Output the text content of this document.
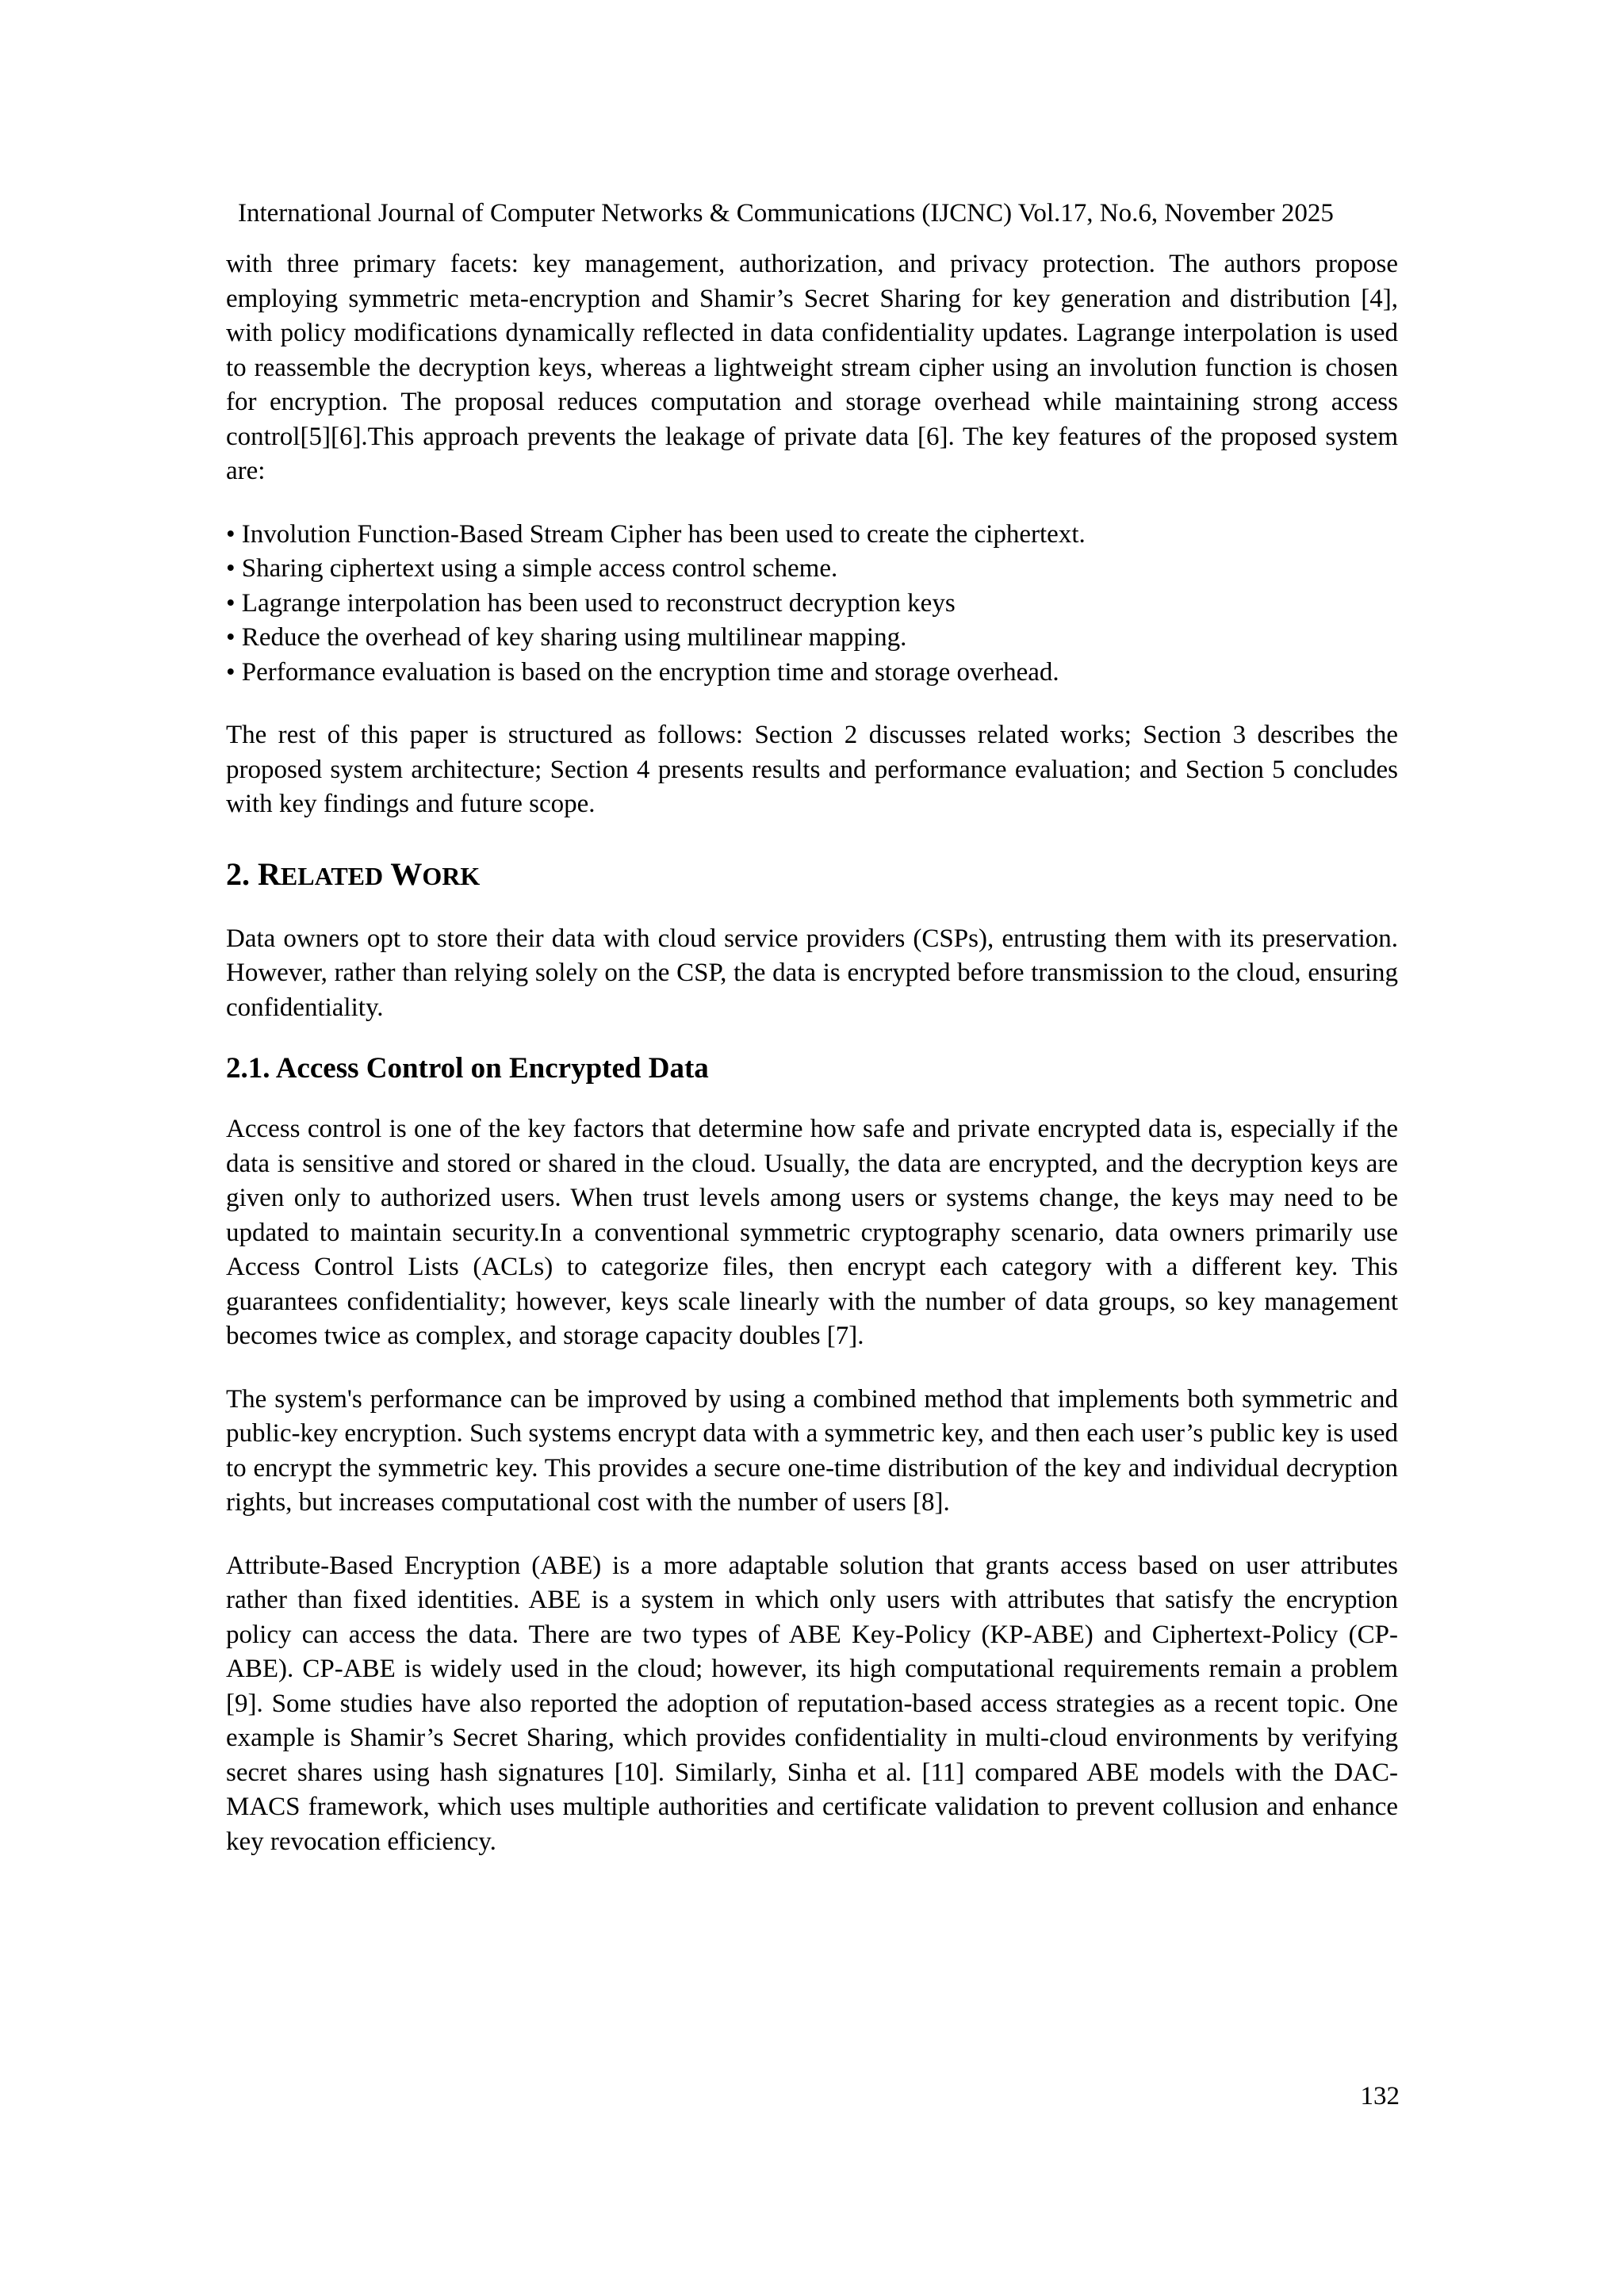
International Journal of Computer Networks & Communications (IJCNC) Vol.17, No.6, November 2025

with three primary facets: key management, authorization, and privacy protection. The authors propose employing symmetric meta-encryption and Shamir’s Secret Sharing for key generation and distribution [4], with policy modifications dynamically reflected in data confidentiality updates. Lagrange interpolation is used to reassemble the decryption keys, whereas a lightweight stream cipher using an involution function is chosen for encryption. The proposal reduces computation and storage overhead while maintaining strong access control[5][6].This approach prevents the leakage of private data [6]. The key features of the proposed system are:

• Involution Function-Based Stream Cipher has been used to create the ciphertext.
• Sharing ciphertext using a simple access control scheme.
• Lagrange interpolation has been used to reconstruct decryption keys
• Reduce the overhead of key sharing using multilinear mapping.
• Performance evaluation is based on the encryption time and storage overhead.

The rest of this paper is structured as follows: Section 2 discusses related works; Section 3 describes the proposed system architecture; Section 4 presents results and performance evaluation; and Section 5 concludes with key findings and future scope.

2. RELATED WORK

Data owners opt to store their data with cloud service providers (CSPs), entrusting them with its preservation. However, rather than relying solely on the CSP, the data is encrypted before transmission to the cloud, ensuring confidentiality.

2.1. Access Control on Encrypted Data

Access control is one of the key factors that determine how safe and private encrypted data is, especially if the data is sensitive and stored or shared in the cloud. Usually, the data are encrypted, and the decryption keys are given only to authorized users. When trust levels among users or systems change, the keys may need to be updated to maintain security.In a conventional symmetric cryptography scenario, data owners primarily use Access Control Lists (ACLs) to categorize files, then encrypt each category with a different key. This guarantees confidentiality; however, keys scale linearly with the number of data groups, so key management becomes twice as complex, and storage capacity doubles [7].

The system's performance can be improved by using a combined method that implements both symmetric and public-key encryption. Such systems encrypt data with a symmetric key, and then each user’s public key is used to encrypt the symmetric key. This provides a secure one-time distribution of the key and individual decryption rights, but increases computational cost with the number of users [8].

Attribute-Based Encryption (ABE) is a more adaptable solution that grants access based on user attributes rather than fixed identities. ABE is a system in which only users with attributes that satisfy the encryption policy can access the data. There are two types of ABE Key-Policy (KP-ABE) and Ciphertext-Policy (CP-ABE). CP-ABE is widely used in the cloud; however, its high computational requirements remain a problem [9]. Some studies have also reported the adoption of reputation-based access strategies as a recent topic. One example is Shamir’s Secret Sharing, which provides confidentiality in multi-cloud environments by verifying secret shares using hash signatures [10]. Similarly, Sinha et al. [11] compared ABE models with the DAC-MACS framework, which uses multiple authorities and certificate validation to prevent collusion and enhance key revocation efficiency.

132
